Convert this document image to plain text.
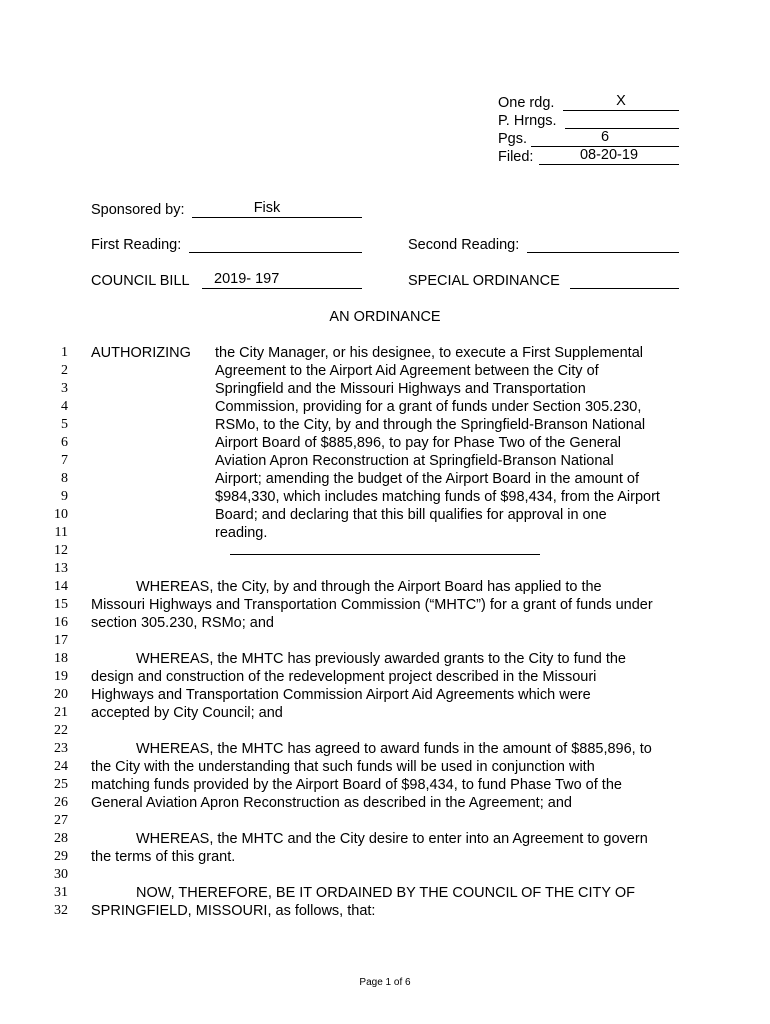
One rdg.	X
P. Hrngs.
Pgs.	6
Filed:	08-20-19
Sponsored by:	Fisk
First Reading:	Second Reading:
COUNCIL BILL	2019- 197	SPECIAL ORDINANCE
AN ORDINANCE
1
2
3
4
5
6
7
8
9
10
11
12
13
14
15
16
17
18
19
20
21
22
23
24
25
26
27
28
29
30
31
32
AUTHORIZING the City Manager, or his designee, to execute a First Supplemental
Agreement to the Airport Aid Agreement between the City of
Springfield and the Missouri Highways and Transportation
Commission, providing for a grant of funds under Section 305.230,
RSMo, to the City, by and through the Springfield-Branson National
Airport Board of $885,896, to pay for Phase Two of the General
Aviation Apron Reconstruction at Springfield-Branson National
Airport; amending the budget of the Airport Board in the amount of
$984,330, which includes matching funds of $98,434, from the Airport
Board; and declaring that this bill qualifies for approval in one
reading.
WHEREAS, the City, by and through the Airport Board has applied to the
Missouri Highways and Transportation Commission (“MHTC”) for a grant of funds under
section 305.230, RSMo; and
WHEREAS, the MHTC has previously awarded grants to the City to fund the
design and construction of the redevelopment project described in the Missouri
Highways and Transportation Commission Airport Aid Agreements which were
accepted by City Council; and
WHEREAS, the MHTC has agreed to award funds in the amount of $885,896, to
the City with the understanding that such funds will be used in conjunction with
matching funds provided by the Airport Board of $98,434, to fund Phase Two of the
General Aviation Apron Reconstruction as described in the Agreement; and
WHEREAS, the MHTC and the City desire to enter into an Agreement to govern
the terms of this grant.
NOW, THEREFORE, BE IT ORDAINED BY THE COUNCIL OF THE CITY OF
SPRINGFIELD, MISSOURI, as follows, that:
Page 1 of 6
